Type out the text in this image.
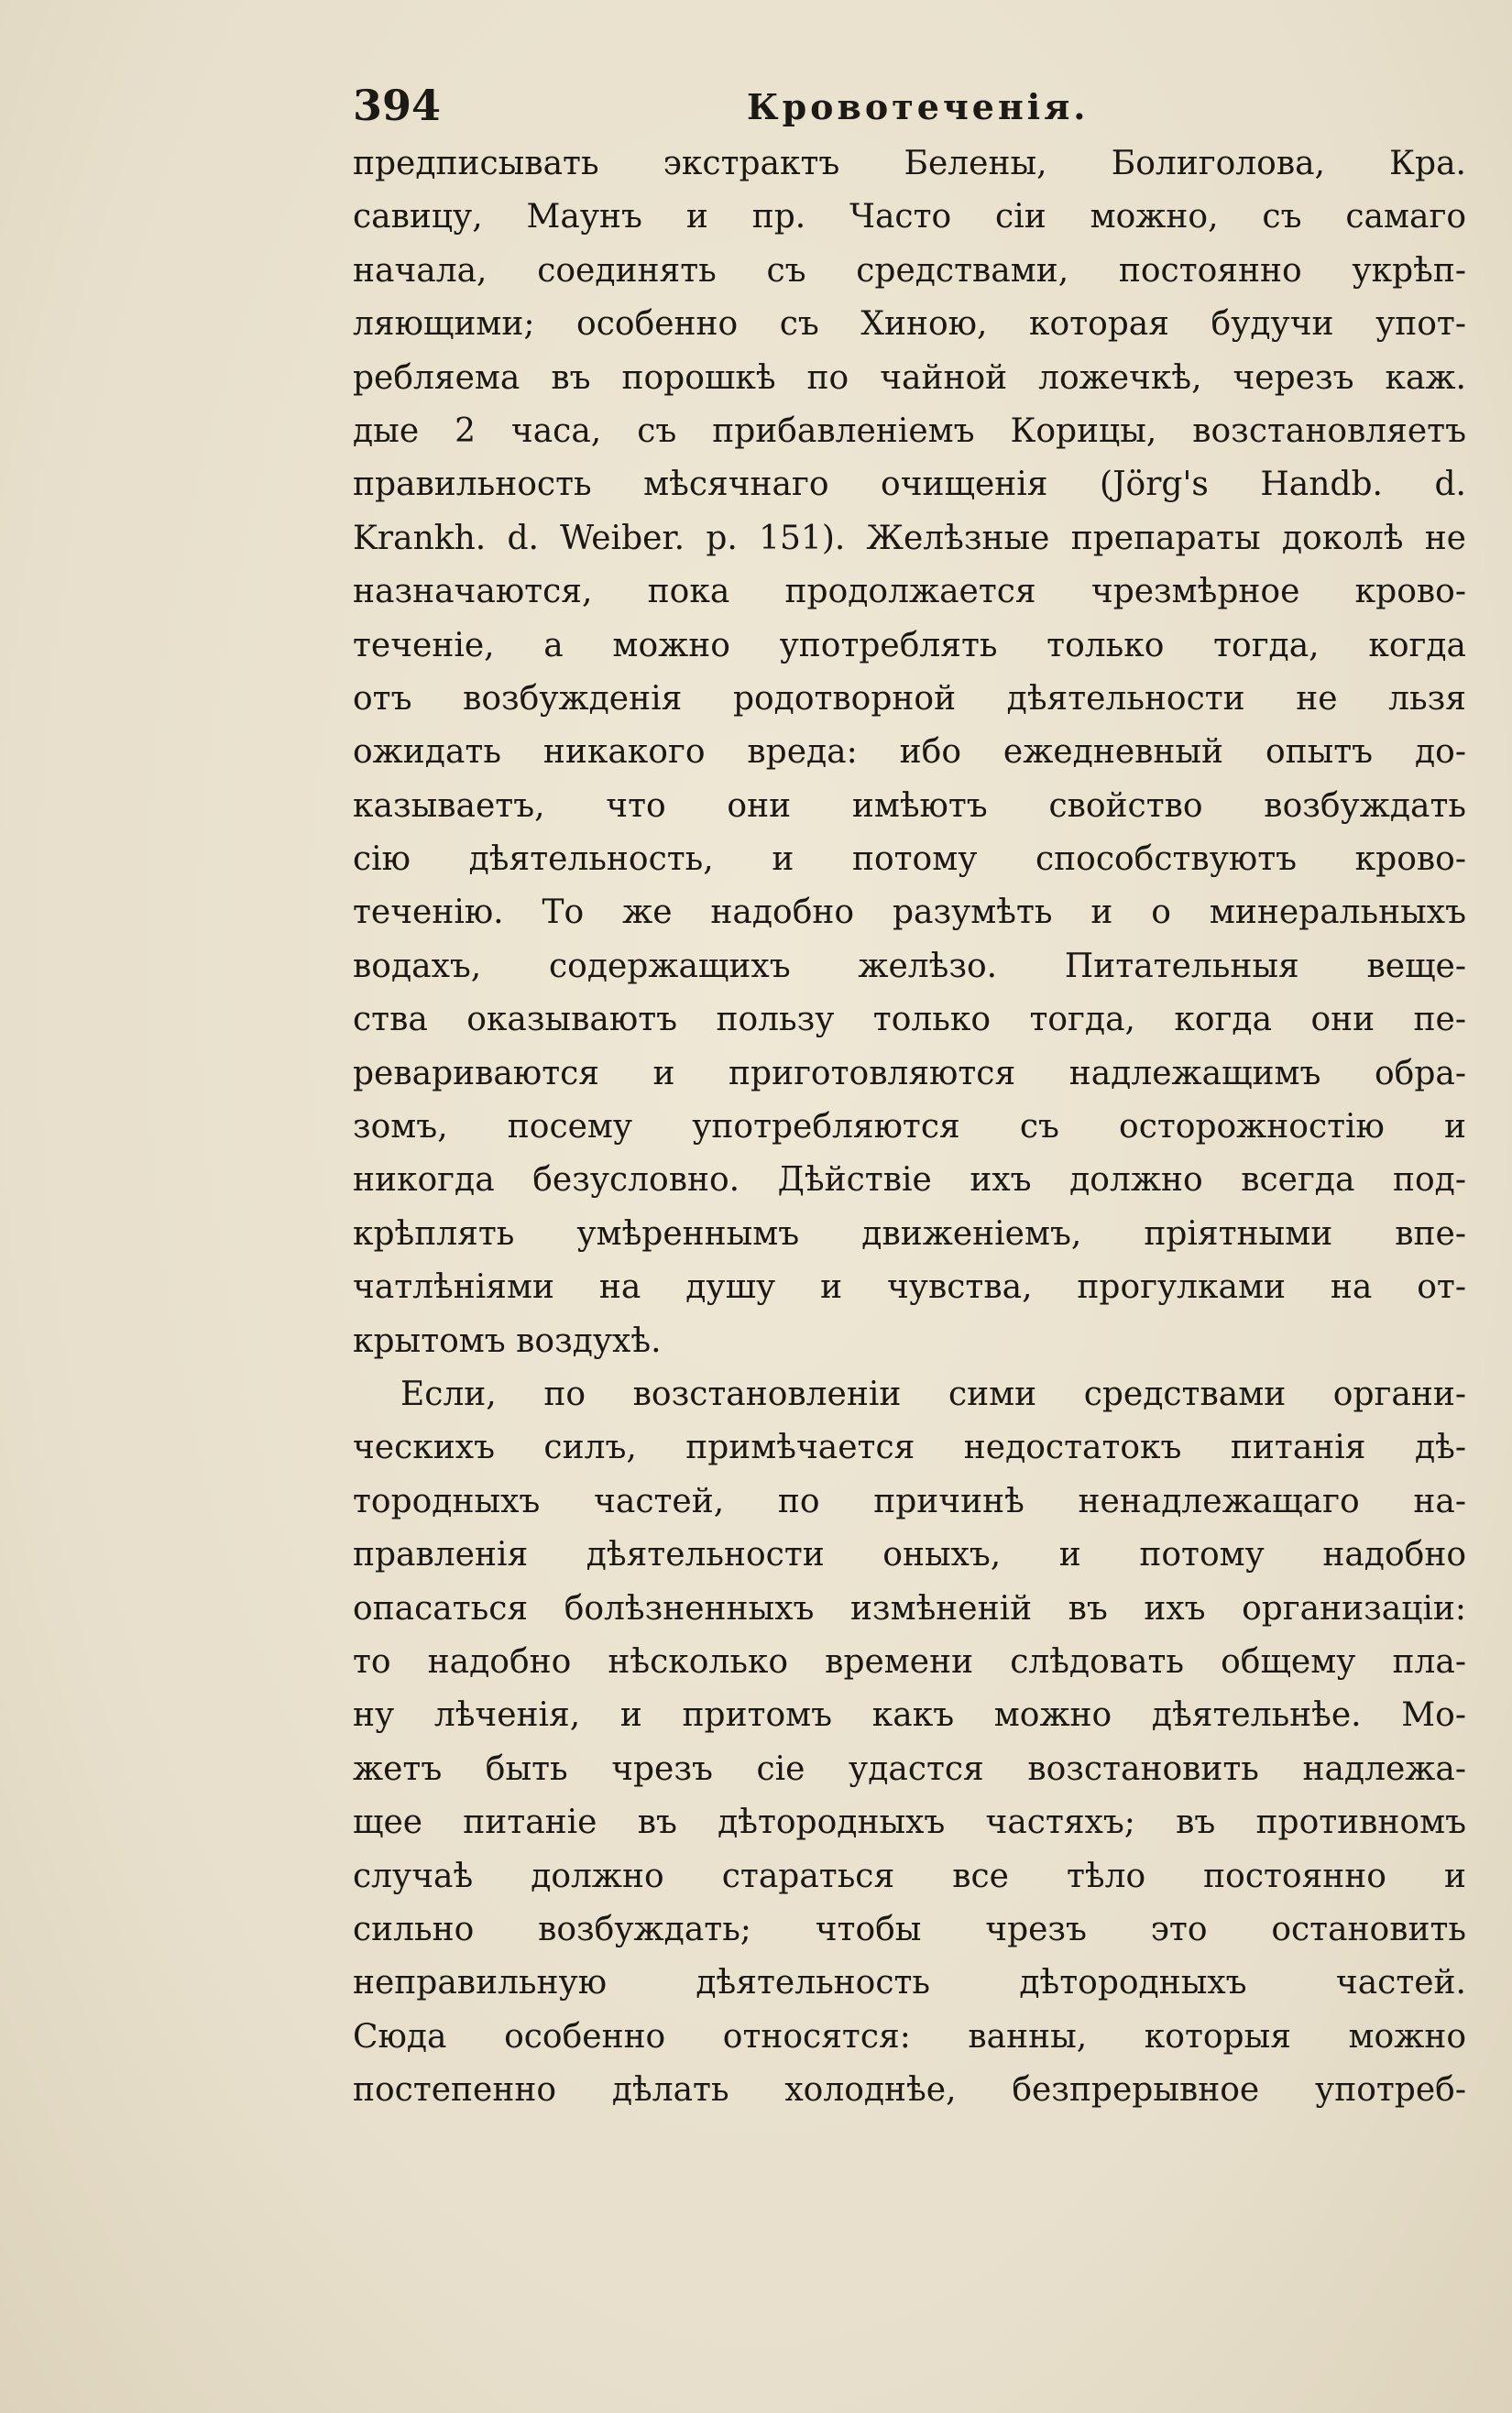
394	Кровотеченія.
предписывать экстрактъ Белены, Болиголова, Кра.
савицу, Маунъ и пр. Часто сіи можно, съ самаго
начала, соединять съ средствами, постоянно укрѣп-
ляющими; особенно съ Хиною, которая будучи упот-
ребляема въ порошкѣ по чайной ложечкѣ, черезъ каж.
дые 2 часа, съ прибавленіемъ Корицы, возстановляетъ
правильность мѣсячнаго очищенія (Jörg's Handb. d.
Krankh. d. Weiber. p. 151). Желѣзные препараты доколѣ не
назначаются, пока продолжается чрезмѣрное крово-
теченіе, а можно употреблять только тогда, когда
отъ возбужденія родотворной дѣятельности не льзя
ожидать никакого вреда: ибо ежедневный опытъ до-
казываетъ, что они имѣютъ свойство возбуждать
сію дѣятельность, и потому способствуютъ крово-
теченію. То же надобно разумѣть и о минеральныхъ
водахъ, содержащихъ желѣзо. Питательныя веще-
ства оказываютъ пользу только тогда, когда они пе-
ревариваются и приготовляются надлежащимъ обра-
зомъ, посему употребляются съ осторожностію и
никогда безусловно. Дѣйствіе ихъ должно всегда под-
крѣплять умѣреннымъ движеніемъ, пріятными впе-
чатлѣніями на душу и чувства, прогулками на от-
крытомъ воздухѣ.
Если, по возстановленіи сими средствами органи-
ческихъ силъ, примѣчается недостатокъ питанія дѣ-
тородныхъ частей, по причинѣ ненадлежащаго на-
правленія дѣятельности оныхъ, и потому надобно
опасаться болѣзненныхъ измѣненій въ ихъ организаціи:
то надобно нѣсколько времени слѣдовать общему пла-
ну лѣченія, и притомъ какъ можно дѣятельнѣе. Мо-
жетъ быть чрезъ сіе удастся возстановить надлежа-
щее питаніе въ дѣтородныхъ частяхъ; въ противномъ
случаѣ должно стараться все тѣло постоянно и
сильно возбуждать; чтобы чрезъ это остановить
неправильную дѣятельность дѣтородныхъ частей.
Сюда особенно относятся: ванны, которыя можно
постепенно дѣлать холоднѣе, безпрерывное употреб-
